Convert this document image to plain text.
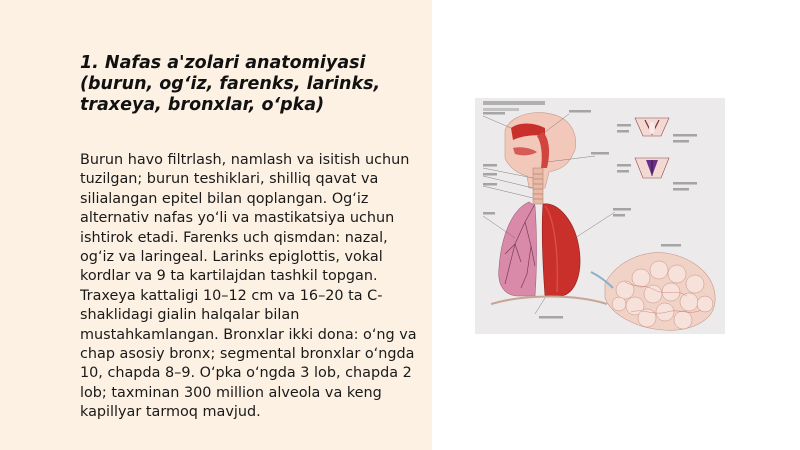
1. Nafas a'zolari anatomiyasi (burun, og‘iz, farenks, larinks, traxeya, bronxlar, o‘pka)

Burun havo filtrlash, namlash va isitish uchun tuzilgan; burun teshiklari, shilliq qavat va silialangan epitel bilan qoplangan. Og‘iz alternativ nafas yo‘li va mastikatsiya uchun ishtirok etadi. Farenks uch qismdan: nazal, og‘iz va laringeal. Larinks epiglottis, vokal kordlar va 9 ta kartilajdan tashkil topgan. Traxeya kattaligi 10–12 cm va 16–20 ta C-shaklidagi gialin halqalar bilan mustahkamlangan. Bronxlar ikki dona: o‘ng va chap asosiy bronx; segmental bronxlar o‘ngda 10, chapda 8–9. O‘pka o‘ngda 3 lob, chapda 2 lob; taxminan 300 million alveola va keng kapillyar tarmoq mavjud.
